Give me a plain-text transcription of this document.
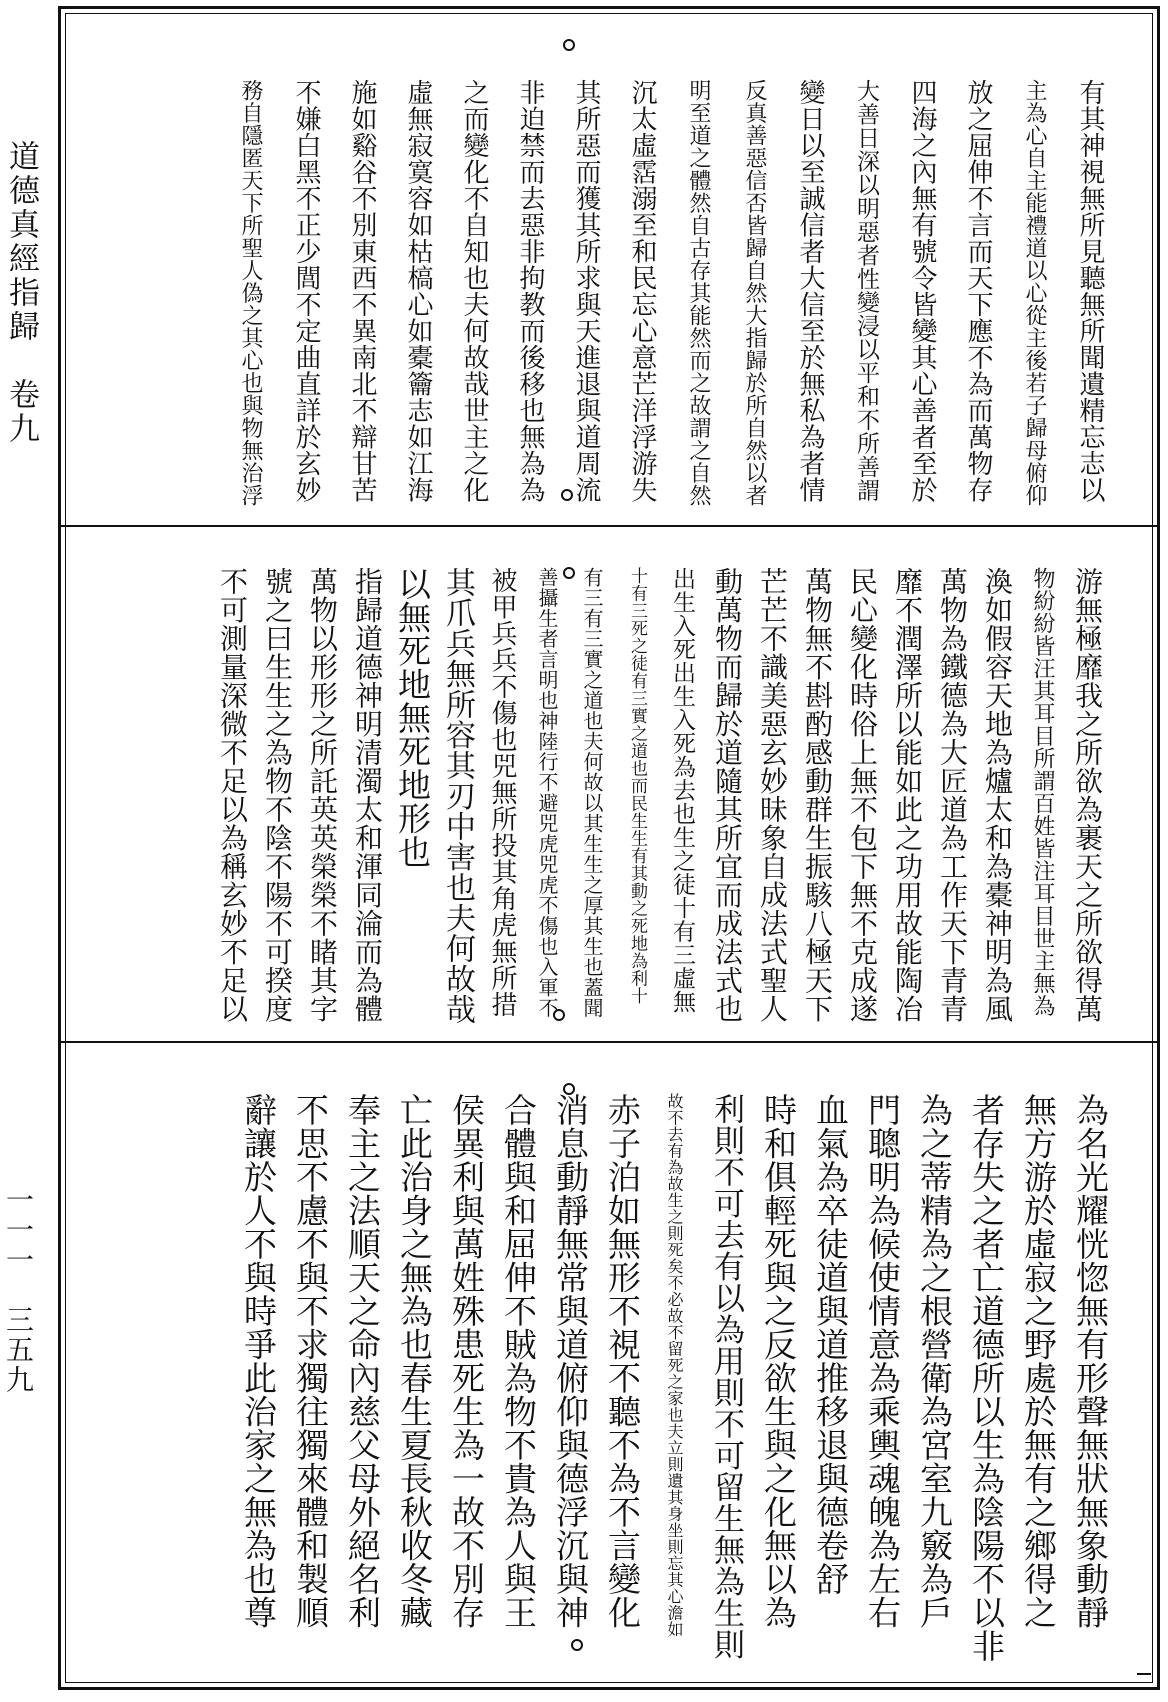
道德真經指歸　卷九
一一一　三五九
有其神視無所見聽無所聞遺精忘志以
主為心自主能禮道以心從主後若子歸母俯仰
放之屈伸不言而天下應不為而萬物存
四海之內無有號令皆變其心善者至於
大善日深以明惡者性變浸以平和不所善謂
變日以至誠信者大信至於無私為者情
反真善惡信否皆歸自然大指歸於所自然以者
明至道之體然自古存其能然而之故謂之自然
沉太虛霑溺至和民忘心意芒洋浮游失
其所惡而獲其所求與天進退與道周流
非迫禁而去惡非拘教而後移也無為為
之而變化不自知也夫何故哉世主之化
虛無寂寞容如枯槁心如橐籥志如江海
施如谿谷不別東西不異南北不辯甘苦
不嫌白黑不正少閭不定曲直詳於玄妙
務自隱匿天下所聖人偽之其心也與物無治浮
游無極靡我之所欲為裹天之所欲得萬
物紛紛皆汪其耳目所謂百姓皆注耳目世主無為
渙如假容天地為爐太和為橐神明為風
萬物為鐵德為大匠道為工作天下青青
靡不潤澤所以能如此之功用故能陶冶
民心變化時俗上無不包下無不克成遂
萬物無不斟酌感動群生振駭八極天下
芒芒不識美惡玄妙昧象自成法式聖人
動萬物而歸於道隨其所宜而成法式也
出生入死出生入死為去也生之徒十有三虛無
十有三死之徒有三實之道也而民生生有其動之死地為利十
有三有三實之道也夫何故以其生生之厚其生也蓋聞
善攝生者言明也神陸行不避兕虎兕虎不傷也入軍不
被甲兵兵不傷也兕無所投其角虎無所措
其爪兵無所容其刃中害也夫何故哉
以無死地無死地形也
指歸道德神明清濁太和渾同淪而為體
萬物以形形之所託英英榮榮不睹其字
號之曰生生之為物不陰不陽不可揆度
不可測量深微不足以為稱玄妙不足以
為名光耀恍惚無有形聲無狀無象動靜
無方游於虛寂之野處於無有之鄉得之
者存失之者亡道德所以生為陰陽不以非
為之蒂精為之根營衛為宮室九竅為戶
門聰明為候使情意為乘輿魂魄為左右
血氣為卒徒道與道推移退與德卷舒
時和俱輕死與之反欲生與之化無以為
利則不可去有以為用則不可留生無為生則
故不去有為故生之則死矣不必故不留死之家也夫立則遺其身坐則忘其心澹如
赤子泊如無形不視不聽不為不言變化
消息動靜無常與道俯仰與德浮沉與神
合體與和屈伸不賊為物不貴為人與王
侯異利與萬姓殊患死生為一故不別存
亡此治身之無為也春生夏長秋收冬藏
奉主之法順天之命內慈父母外絕名利
不思不慮不與不求獨往獨來體和製順
辭讓於人不與時爭此治家之無為也尊
